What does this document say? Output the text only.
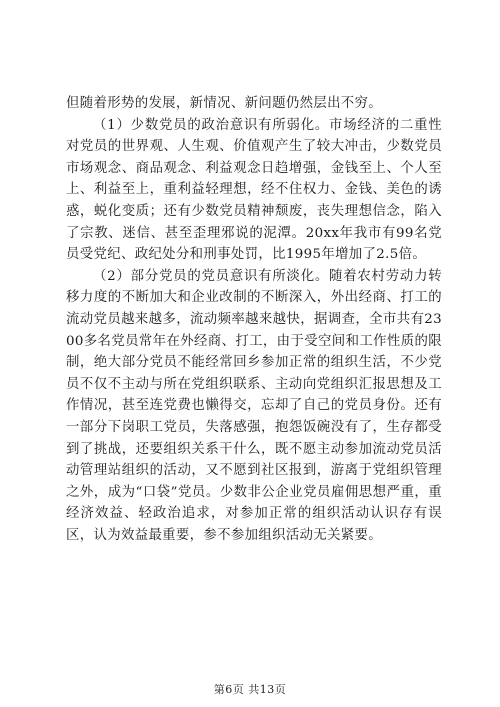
但随着形势的发展，新情况、新问题仍然层出不穷。

（1）少数党员的政治意识有所弱化。市场经济的二重性对党员的世界观、人生观、价值观产生了较大冲击，少数党员市场观念、商品观念、利益观念日趋增强，金钱至上、个人至上、利益至上，重利益轻理想，经不住权力、金钱、美色的诱惑，蜕化变质；还有少数党员精神颓废，丧失理想信念，陷入了宗教、迷信、甚至歪理邪说的泥潭。20xx年我市有99名党员受党纪、政纪处分和刑事处罚，比1995年增加了2.5倍。

（2）部分党员的党员意识有所淡化。随着农村劳动力转移力度的不断加大和企业改制的不断深入，外出经商、打工的流动党员越来越多，流动频率越来越快，据调查，全市共有2300多名党员常年在外经商、打工，由于受空间和工作性质的限制，绝大部分党员不能经常回乡参加正常的组织生活，不少党员不仅不主动与所在党组织联系、主动向党组织汇报思想及工作情况，甚至连党费也懒得交，忘却了自己的党员身份。还有一部分下岗职工党员，失落感强，抱怨饭碗没有了，生存都受到了挑战，还要组织关系干什么，既不愿主动参加流动党员活动管理站组织的活动，又不愿到社区报到，游离于党组织管理之外，成为“口袋”党员。少数非公企业党员雇佣思想严重，重经济效益、轻政治追求，对参加正常的组织活动认识存有误区，认为效益最重要，参不参加组织活动无关紧要。

第6页 共13页
